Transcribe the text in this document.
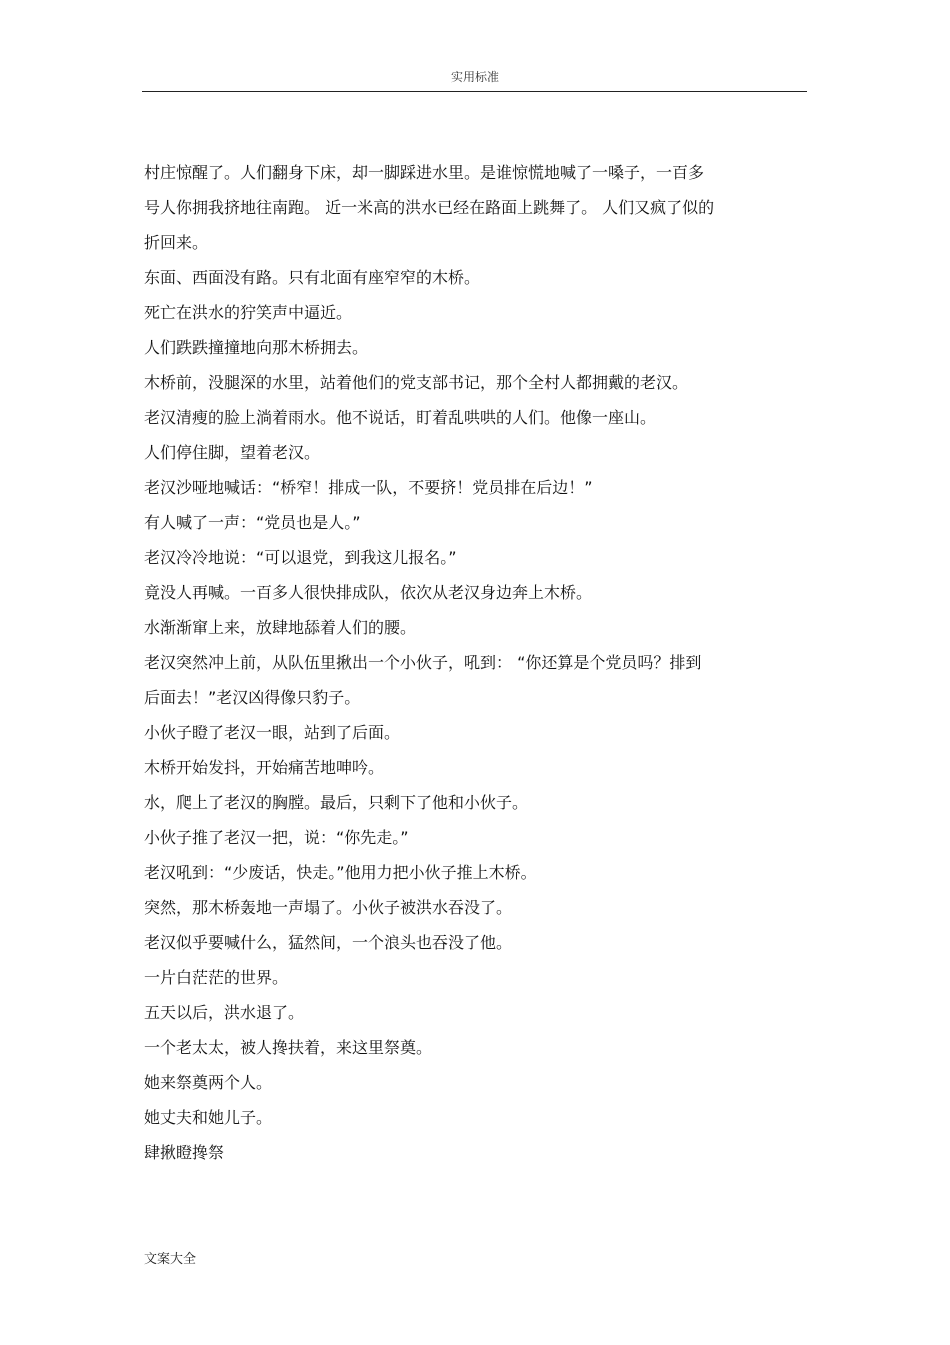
实用标准

村庄惊醒了。人们翻身下床，却一脚踩进水里。是谁惊慌地喊了一嗓子，一百多

号人你拥我挤地往南跑。 近一米高的洪水已经在路面上跳舞了。 人们又疯了似的

折回来。

东面、西面没有路。只有北面有座窄窄的木桥。

死亡在洪水的狞笑声中逼近。

人们跌跌撞撞地向那木桥拥去。

木桥前，没腿深的水里，站着他们的党支部书记，那个全村人都拥戴的老汉。

老汉清瘦的脸上淌着雨水。他不说话，盯着乱哄哄的人们。他像一座山。

人们停住脚，望着老汉。

老汉沙哑地喊话：“桥窄！排成一队，不要挤！党员排在后边！”

有人喊了一声：“党员也是人。”

老汉冷冷地说：“可以退党，到我这儿报名。”

竟没人再喊。一百多人很快排成队，依次从老汉身边奔上木桥。

水渐渐窜上来，放肆地舔着人们的腰。

老汉突然冲上前，从队伍里揪出一个小伙子，吼到： “你还算是个党员吗？排到

后面去！”老汉凶得像只豹子。

小伙子瞪了老汉一眼，站到了后面。

木桥开始发抖，开始痛苦地呻吟。

水，爬上了老汉的胸膛。最后，只剩下了他和小伙子。

小伙子推了老汉一把，说：“你先走。”

老汉吼到：“少废话，快走。”他用力把小伙子推上木桥。

突然，那木桥轰地一声塌了。小伙子被洪水吞没了。

老汉似乎要喊什么，猛然间，一个浪头也吞没了他。

一片白茫茫的世界。

五天以后，洪水退了。

一个老太太，被人搀扶着，来这里祭奠。

她来祭奠两个人。

她丈夫和她儿子。

肆揪瞪搀祭

文案大全
